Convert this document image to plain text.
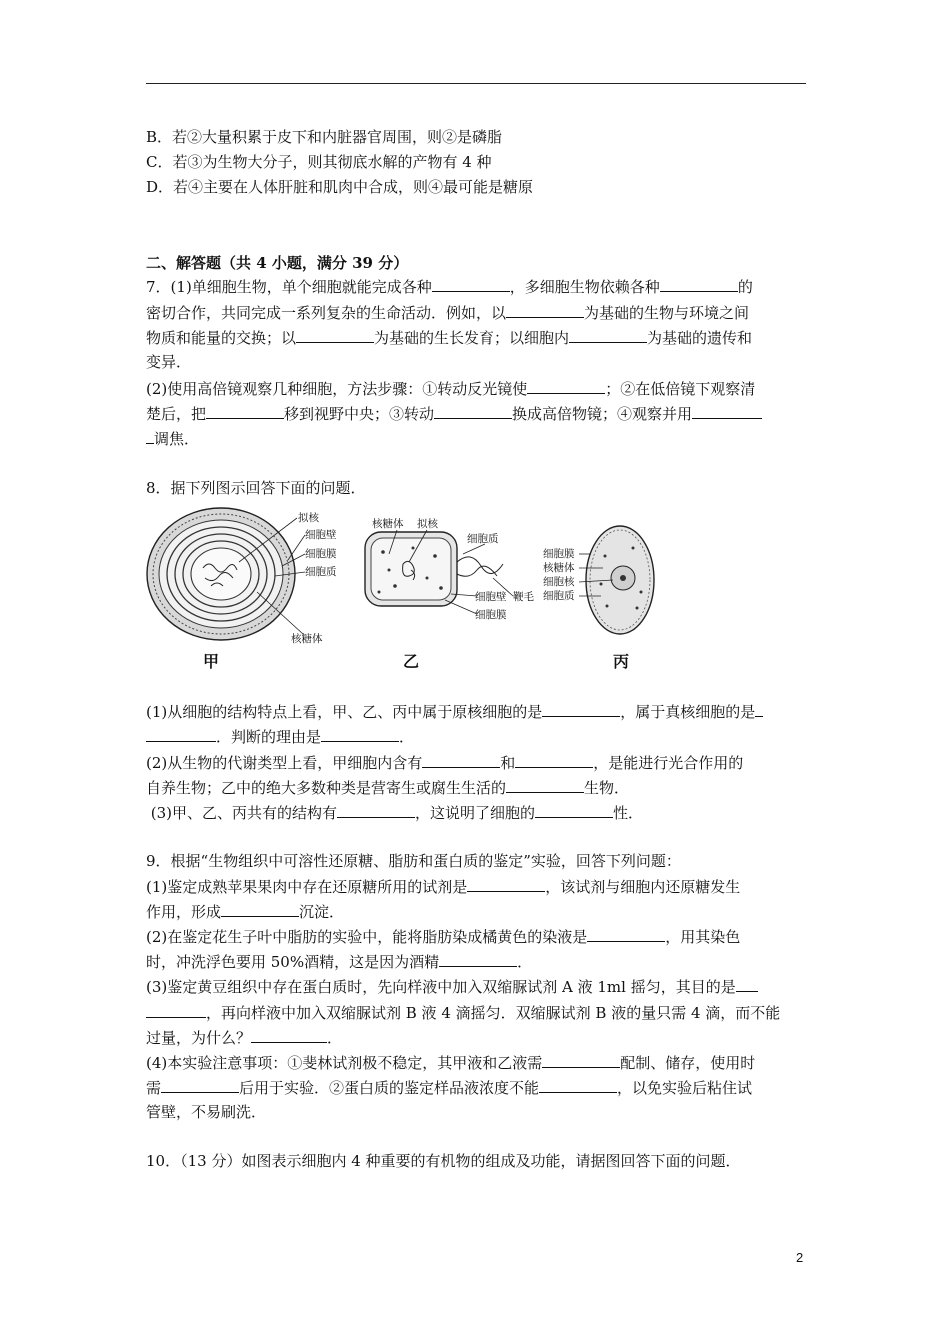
B．若②大量积累于皮下和内脏器官周围，则②是磷脂
C．若③为生物大分子，则其彻底水解的产物有 4 种
D．若④主要在人体肝脏和肌肉中合成，则④最可能是糖原
二、解答题（共 4 小题，满分 39 分）
7．(1)单细胞生物，单个细胞就能完成各种	，多细胞生物依赖各种	的
密切合作，共同完成一系列复杂的生命活动．例如，以	为基础的生物与环境之间
物质和能量的交换；以	为基础的生长发育；以细胞内	为基础的遗传和
变异．
(2)使用高倍镜观察几种细胞，方法步骤：①转动反光镜使	；②在低倍镜下观察清
楚后，把	移到视野中央；③转动	换成高倍物镜；④观察并用
调焦．
8．据下列图示回答下面的问题．
拟核
细胞壁
细胞膜
细胞质
核糖体
甲
核糖体 拟核
细胞质
细胞壁
细胞膜
鞭毛
乙
细胞膜
核糖体
细胞核
细胞质
丙
(1)从细胞的结构特点上看，甲、乙、丙中属于原核细胞的是	，属于真核细胞的是
．判断的理由是	．
(2)从生物的代谢类型上看，甲细胞内含有	和	，是能进行光合作用的
自养生物；乙中的绝大多数种类是营寄生或腐生生活的	生物．
(3)甲、乙、丙共有的结构有	，这说明了细胞的	性．
9．根据“生物组织中可溶性还原糖、脂肪和蛋白质的鉴定”实验，回答下列问题：
(1)鉴定成熟苹果果肉中存在还原糖所用的试剂是	，该试剂与细胞内还原糖发生
作用，形成	沉淀．
(2)在鉴定花生子叶中脂肪的实验中，能将脂肪染成橘黄色的染液是	，用其染色
时，冲洗浮色要用 50%酒精，这是因为酒精	．
(3)鉴定黄豆组织中存在蛋白质时，先向样液中加入双缩脲试剂 A 液 1ml 摇匀，其目的是
，再向样液中加入双缩脲试剂 B 液 4 滴摇匀．双缩脲试剂 B 液的量只需 4 滴，而不能
过量，为什么？	．
(4)本实验注意事项：①斐林试剂极不稳定，其甲液和乙液需	配制、储存，使用时
需	后用于实验．②蛋白质的鉴定样品液浓度不能	，以免实验后粘住试
管壁，不易刷洗．
10．（13 分）如图表示细胞内 4 种重要的有机物的组成及功能，请据图回答下面的问题．
2
